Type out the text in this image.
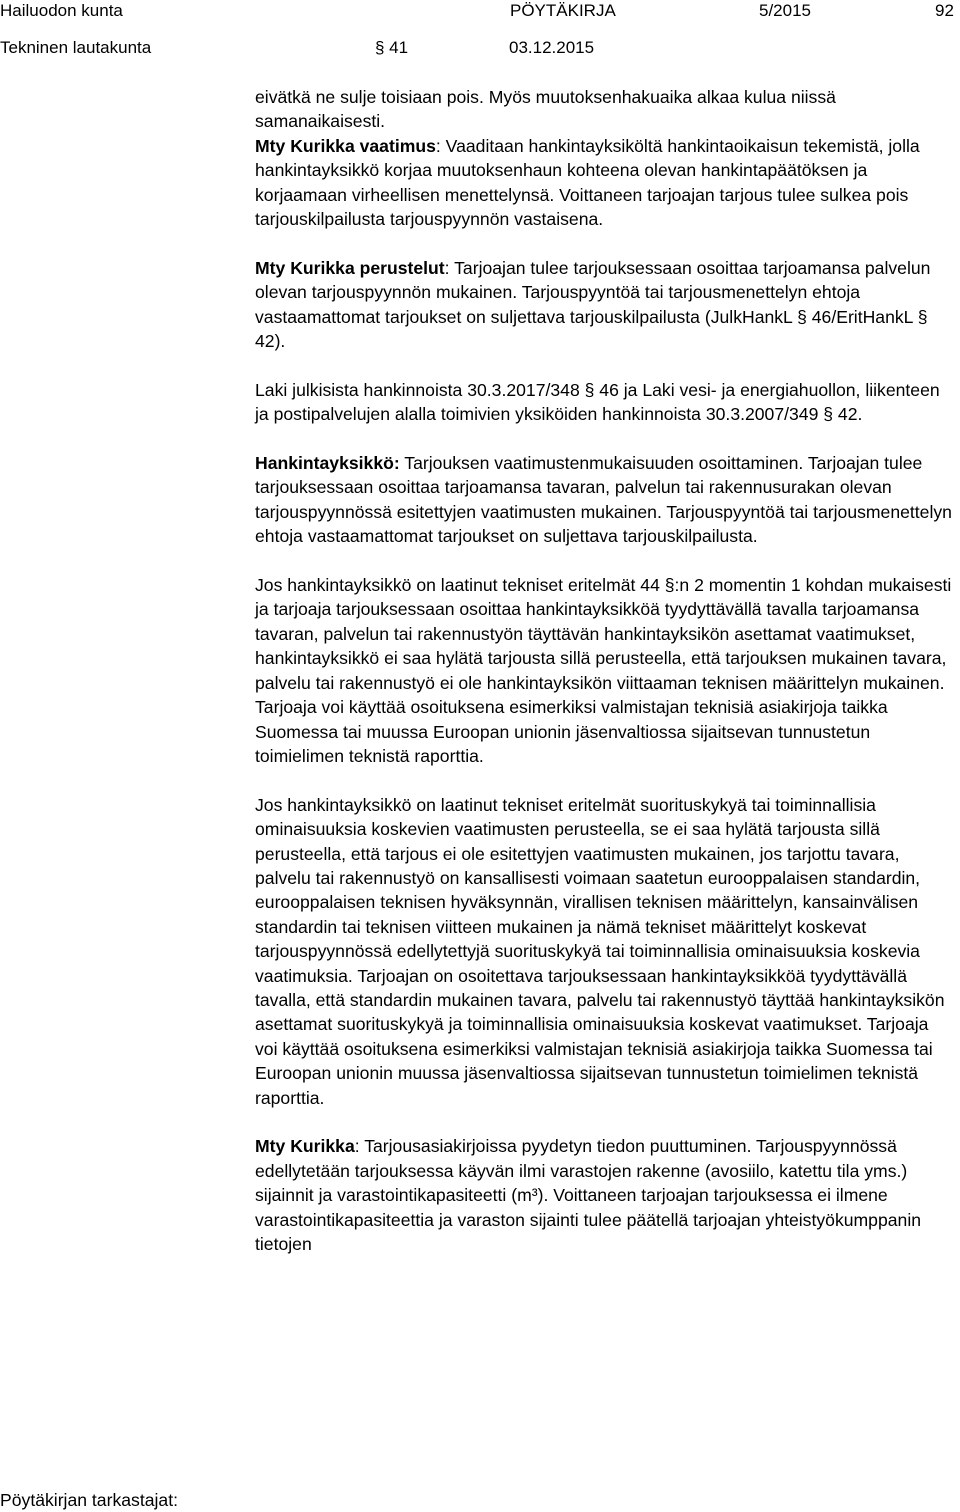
Hailuodon kunta	PÖYTÄKIRJA	5/2015	92
Tekninen lautakunta	§ 41	03.12.2015

eivätkä ne sulje toisiaan pois. Myös muutoksenhakuaika alkaa kulua niissä samanaikaisesti.

Mty Kurikka vaatimus: Vaaditaan hankintayksiköltä hankintaoikaisun tekemistä, jolla hankintayksikkö korjaa muutoksenhaun kohteena olevan hankintapäätöksen ja korjaamaan virheellisen menettelynsä. Voittaneen tarjoajan tarjous tulee sulkea pois tarjouskilpailusta tarjouspyynnön vastaisena.

Mty Kurikka perustelut: Tarjoajan tulee tarjouksessaan osoittaa tarjoamansa palvelun olevan tarjouspyynnön mukainen. Tarjouspyyntöä tai tarjousmenettelyn ehtoja vastaamattomat tarjoukset on suljettava tarjouskilpailusta (JulkHankL § 46/EritHankL § 42).

Laki julkisista hankinnoista 30.3.2017/348 § 46 ja Laki vesi- ja energiahuollon, liikenteen ja postipalvelujen alalla toimivien yksiköiden hankinnoista 30.3.2007/349 § 42.

Hankintayksikkö: Tarjouksen vaatimustenmukaisuuden osoittaminen. Tarjoajan tulee tarjouksessaan osoittaa tarjoamansa tavaran, palvelun tai rakennusurakan olevan tarjouspyynnössä esitettyjen vaatimusten mukainen. Tarjouspyyntöä tai tarjousmenettelyn ehtoja vastaamattomat tarjoukset on suljettava tarjouskilpailusta.

Jos hankintayksikkö on laatinut tekniset eritelmät 44 §:n 2 momentin 1 kohdan mukaisesti ja tarjoaja tarjouksessaan osoittaa hankintayksikköä tyydyttävällä tavalla tarjoamansa tavaran, palvelun tai rakennustyön täyttävän hankintayksikön asettamat vaatimukset, hankintayksikkö ei saa hylätä tarjousta sillä perusteella, että tarjouksen mukainen tavara, palvelu tai rakennustyö ei ole hankintayksikön viittaaman teknisen määrittelyn mukainen. Tarjoaja voi käyttää osoituksena esimerkiksi valmistajan teknisiä asiakirjoja taikka Suomessa tai muussa Euroopan unionin jäsenvaltiossa sijaitsevan tunnustetun toimielimen teknistä raporttia.

Jos hankintayksikkö on laatinut tekniset eritelmät suorituskykyä tai toiminnallisia ominaisuuksia koskevien vaatimusten perusteella, se ei saa hylätä tarjousta sillä perusteella, että tarjous ei ole esitettyjen vaatimusten mukainen, jos tarjottu tavara, palvelu tai rakennustyö on kansallisesti voimaan saatetun eurooppalaisen standardin, eurooppalaisen teknisen hyväksynnän, virallisen teknisen määrittelyn, kansainvälisen standardin tai teknisen viitteen mukainen ja nämä tekniset määrittelyt koskevat tarjouspyynnössä edellytettyjä suorituskykyä tai toiminnallisia ominaisuuksia koskevia vaatimuksia. Tarjoajan on osoitettava tarjouksessaan hankintayksikköä tyydyttävällä tavalla, että standardin mukainen tavara, palvelu tai rakennustyö täyttää hankintayksikön asettamat suorituskykyä ja toiminnallisia ominaisuuksia koskevat vaatimukset. Tarjoaja voi käyttää osoituksena esimerkiksi valmistajan teknisiä asiakirjoja taikka Suomessa tai Euroopan unionin muussa jäsenvaltiossa sijaitsevan tunnustetun toimielimen teknistä raporttia.

Mty Kurikka: Tarjousasiakirjoissa pyydetyn tiedon puuttuminen. Tarjouspyynnössä edellytetään tarjouksessa käyvän ilmi varastojen rakenne (avosiilo, katettu tila yms.) sijainnit ja varastointikapasiteetti (m³). Voittaneen tarjoajan tarjouksessa ei ilmene varastointikapasiteettia ja varaston sijainti tulee päätellä tarjoajan yhteistyökumppanin tietojen

Pöytäkirjan tarkastajat:
